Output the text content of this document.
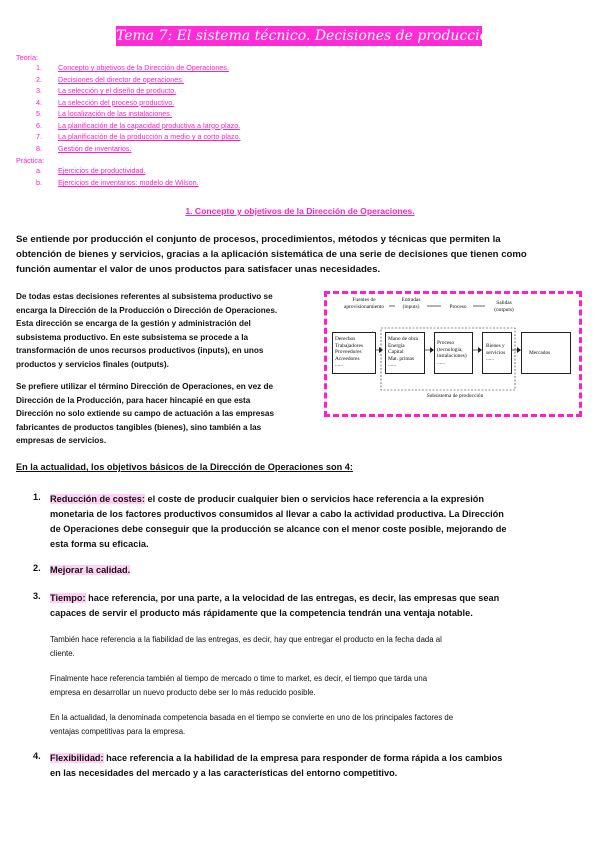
Tema 7: El sistema técnico. Decisiones de producción
Teoría:
1.	Concepto y objetivos de la Dirección de Operaciones.
2.	Decisiones del director de operaciones.
3.	La selección y el diseño de producto.
4.	La selección del proceso productivo.
5.	La localización de las instalaciones.
6.	La planificación de la capacidad productiva a largo plazo.
7.	La planificación de la producción a medio y a corto plazo.
8.	Gestión de inventarios.
Práctica:
a.	Ejercicios de productividad.
b.	Ejercicios de inventarios: modelo de Wilson.
1. Concepto y objetivos de la Dirección de Operaciones.
Se entiende por producción el conjunto de procesos, procedimientos, métodos y técnicas que permiten la
obtención de bienes y servicios, gracias a la aplicación sistemática de una serie de decisiones que tienen como
función aumentar el valor de unos productos para satisfacer unas necesidades.
De todas estas decisiones referentes al subsistema productivo se
encarga la Dirección de la Producción o Dirección de Operaciones.
Esta dirección se encarga de la gestión y administración del
subsistema productivo. En este subsistema se procede a la
transformación de unos recursos productivos (inputs), en unos
productos y servicios finales (outputs).
Se prefiere utilizar el término Dirección de Operaciones, en vez de
Dirección de la Producción, para hacer hincapié en que esta
Dirección no solo extiende su campo de actuación a las empresas
fabricantes de productos tangibles (bienes), sino también a las
empresas de servicios.
Fuentes de aprovisionamiento
Entradas (inputs)	Proceso
Salidas (outputs)
Derechos
Trabajadores
Proveedores
Acreedores
......
Mano de obra
Energía
Capital
Mat. primas
......
Proceso
(tecnología,
instalaciones)
......
Bienes y
servicios
......
Mercados
Subsistema de producción
En la actualidad, los objetivos básicos de la Dirección de Operaciones son 4:
1. Reducción de costes: el coste de producir cualquier bien o servicios hace referencia a la expresión
monetaria de los factores productivos consumidos al llevar a cabo la actividad productiva. La Dirección
de Operaciones debe conseguir que la producción se alcance con el menor coste posible, mejorando de
esta forma su eficacia.
2. Mejorar la calidad.
3. Tiempo: hace referencia, por una parte, a la velocidad de las entregas, es decir, las empresas que sean
capaces de servir el producto más rápidamente que la competencia tendrán una ventaja notable.
También hace referencia a la fiabilidad de las entregas, es decir, hay que entregar el producto en la fecha dada al
cliente.
Finalmente hace referencia también al tiempo de mercado o time to market, es decir, el tiempo que tarda una
empresa en desarrollar un nuevo producto debe ser lo más reducido posible.
En la actualidad, la denominada competencia basada en el tiempo se convierte en uno de los principales factores de
ventajas competitivas para la empresa.
4. Flexibilidad: hace referencia a la habilidad de la empresa para responder de forma rápida a los cambios
en las necesidades del mercado y a las características del entorno competitivo.
